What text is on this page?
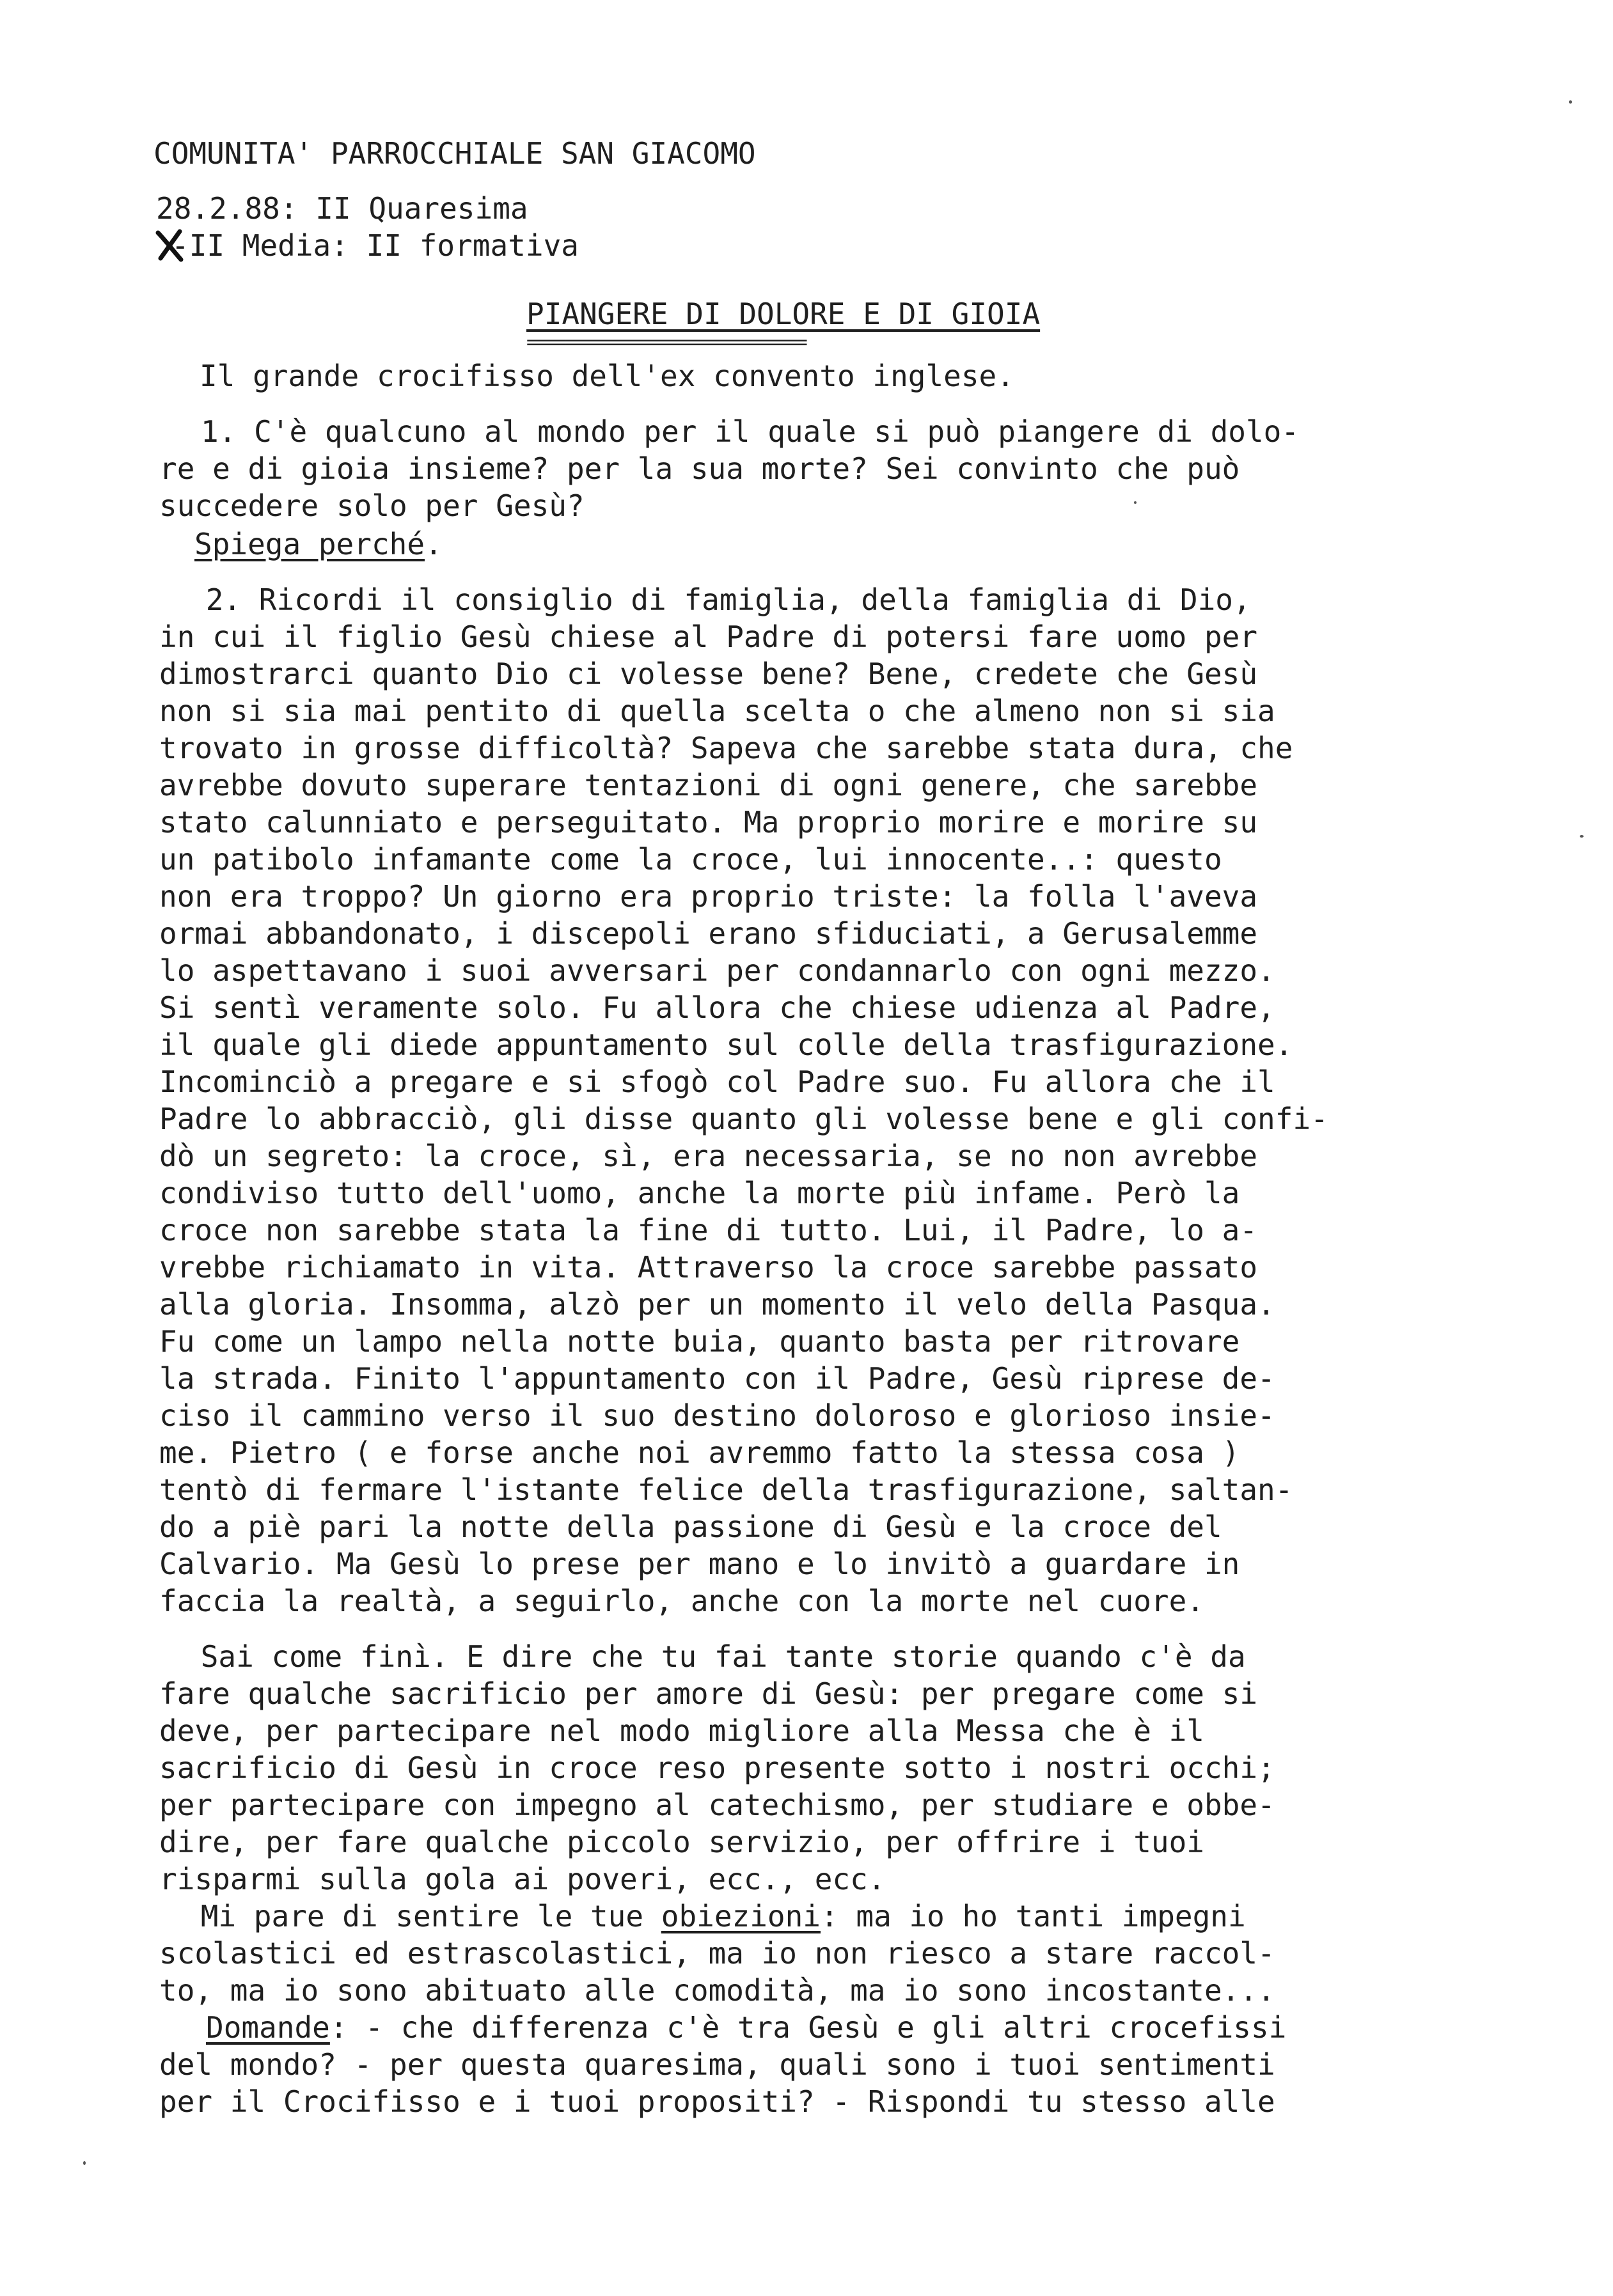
COMUNITA' PARROCCHIALE SAN GIACOMO
28.2.88: II Quaresima
-II Media: II formativa
PIANGERE DI DOLORE E DI GIOIA
=============================
Il grande crocifisso dell'ex convento inglese.
1. C'è qualcuno al mondo per il quale si può piangere di dolo-
re e di gioia insieme? per la sua morte? Sei convinto che può
succedere solo per Gesù?
Spiega perché.
2. Ricordi il consiglio di famiglia, della famiglia di Dio,
in cui il figlio Gesù chiese al Padre di potersi fare uomo per
dimostrarci quanto Dio ci volesse bene? Bene, credete che Gesù
non si sia mai pentito di quella scelta o che almeno non si sia
trovato in grosse difficoltà? Sapeva che sarebbe stata dura, che
avrebbe dovuto superare tentazioni di ogni genere, che sarebbe
stato calunniato e perseguitato. Ma proprio morire e morire su
un patibolo infamante come la croce, lui innocente..: questo
non era troppo? Un giorno era proprio triste: la folla l'aveva
ormai abbandonato, i discepoli erano sfiduciati, a Gerusalemme
lo aspettavano i suoi avversari per condannarlo con ogni mezzo.
Si sentì veramente solo. Fu allora che chiese udienza al Padre,
il quale gli diede appuntamento sul colle della trasfigurazione.
Incominciò a pregare e si sfogò col Padre suo. Fu allora che il
Padre lo abbracciò, gli disse quanto gli volesse bene e gli confi-
dò un segreto: la croce, sì, era necessaria, se no non avrebbe
condiviso tutto dell'uomo, anche la morte più infame. Però la
croce non sarebbe stata la fine di tutto. Lui, il Padre, lo a-
vrebbe richiamato in vita. Attraverso la croce sarebbe passato
alla gloria. Insomma, alzò per un momento il velo della Pasqua.
Fu come un lampo nella notte buia, quanto basta per ritrovare
la strada. Finito l'appuntamento con il Padre, Gesù riprese de-
ciso il cammino verso il suo destino doloroso e glorioso insie-
me. Pietro ( e forse anche noi avremmo fatto la stessa cosa )
tentò di fermare l'istante felice della trasfigurazione, saltan-
do a piè pari la notte della passione di Gesù e la croce del
Calvario. Ma Gesù lo prese per mano e lo invitò a guardare in
faccia la realtà, a seguirlo, anche con la morte nel cuore.
Sai come finì. E dire che tu fai tante storie quando c'è da
fare qualche sacrificio per amore di Gesù: per pregare come si
deve, per partecipare nel modo migliore alla Messa che è il
sacrificio di Gesù in croce reso presente sotto i nostri occhi;
per partecipare con impegno al catechismo, per studiare e obbe-
dire, per fare qualche piccolo servizio, per offrire i tuoi
risparmi sulla gola ai poveri, ecc., ecc.
Mi pare di sentire le tue obiezioni: ma io ho tanti impegni
scolastici ed estrascolastici, ma io non riesco a stare raccol-
to, ma io sono abituato alle comodità, ma io sono incostante...
Domande: - che differenza c'è tra Gesù e gli altri crocefissi
del mondo? - per questa quaresima, quali sono i tuoi sentimenti
per il Crocifisso e i tuoi propositi? - Rispondi tu stesso alle
